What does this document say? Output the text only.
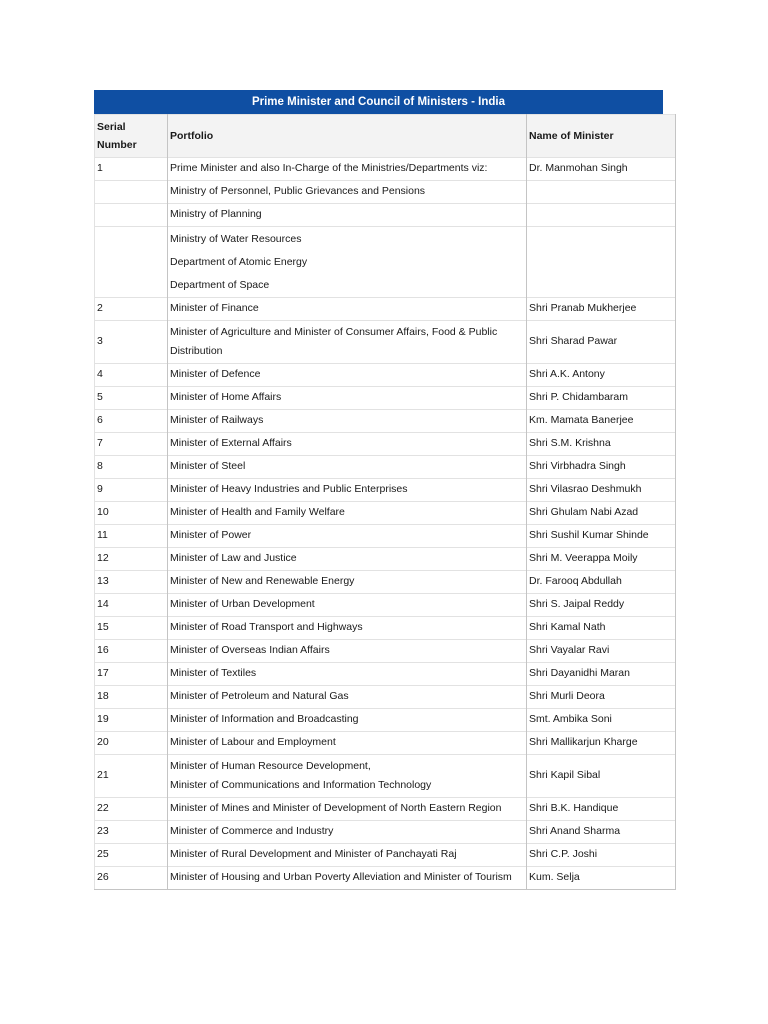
Prime Minister and Council of Ministers - India
Serial Number	Portfolio	Name of Minister
1	Prime Minister and also In-Charge of the Ministries/Departments viz:	Dr. Manmohan Singh

	Ministry of Personnel, Public Grievances and Pensions	

	Ministry of Planning	

	Ministry of Water Resources
Department of Atomic Energy
Department of Space	

2	Minister of Finance	Shri Pranab Mukherjee
3	Minister of Agriculture and Minister of Consumer Affairs, Food & Public
Distribution	Shri Sharad Pawar
4	Minister of Defence	Shri A.K. Antony
5	Minister of Home Affairs	Shri P. Chidambaram
6	Minister of Railways	Km. Mamata Banerjee
7	Minister of External Affairs	Shri S.M. Krishna
8	Minister of Steel	Shri Virbhadra Singh
9	Minister of Heavy Industries and Public Enterprises	Shri Vilasrao Deshmukh
10	Minister of Health and Family Welfare	Shri Ghulam Nabi Azad
11	Minister of Power	Shri Sushil Kumar Shinde
12	Minister of Law and Justice	Shri M. Veerappa Moily
13	Minister of New and Renewable Energy	Dr. Farooq Abdullah
14	Minister of Urban Development	Shri S. Jaipal Reddy
15	Minister of Road Transport and Highways	Shri Kamal Nath
16	Minister of Overseas Indian Affairs	Shri Vayalar Ravi
17	Minister of Textiles	Shri Dayanidhi Maran
18	Minister of Petroleum and Natural Gas	Shri Murli Deora
19	Minister of Information and Broadcasting	Smt. Ambika Soni
20	Minister of Labour and Employment	Shri Mallikarjun Kharge
21	Minister of Human Resource Development,
Minister of Communications and Information Technology	Shri Kapil Sibal
22	Minister of Mines and Minister of Development of North Eastern Region	Shri B.K. Handique
23	Minister of Commerce and Industry	Shri Anand Sharma
25	Minister of Rural Development and Minister of Panchayati Raj	Shri C.P. Joshi
26	Minister of Housing and Urban Poverty Alleviation and Minister of Tourism	Kum. Selja
